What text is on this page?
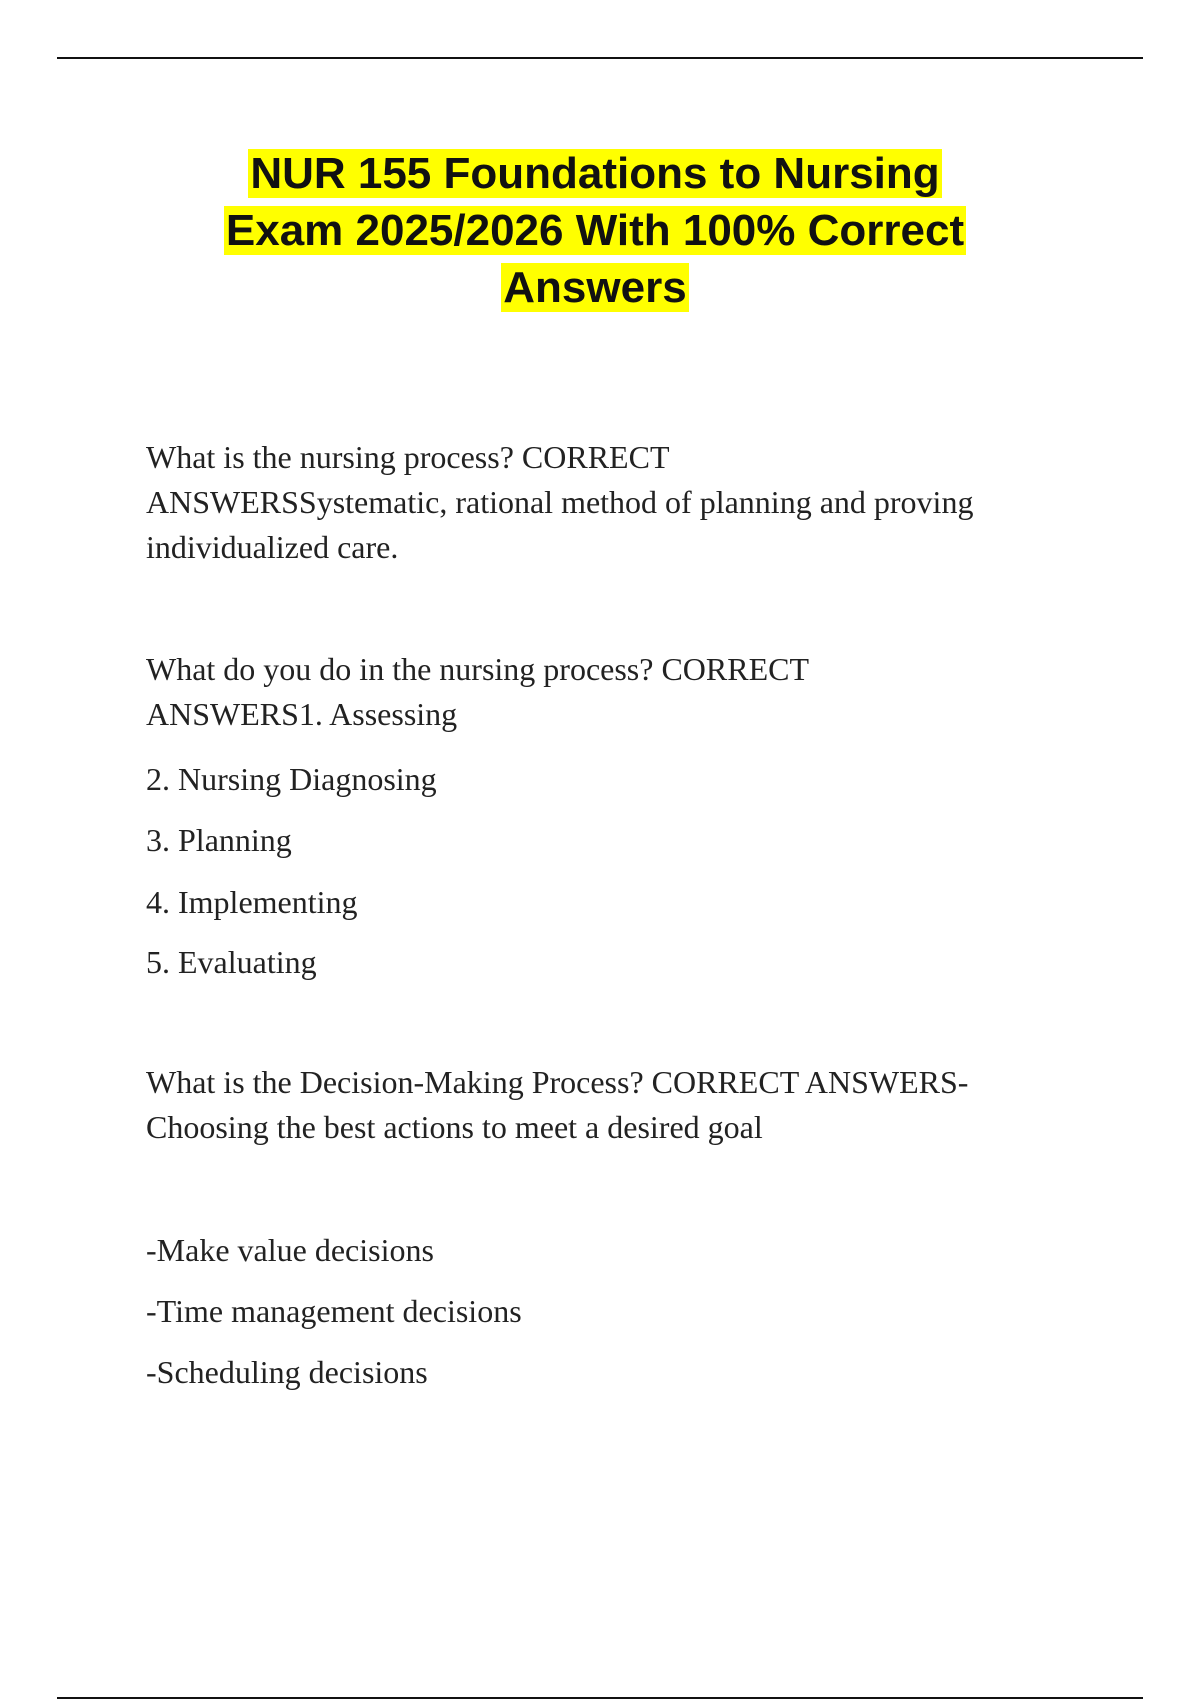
NUR 155 Foundations to Nursing
Exam 2025/2026 With 100% Correct
Answers
What is the nursing process? CORRECT
ANSWERSSystematic, rational method of planning and proving
individualized care.
What do you do in the nursing process? CORRECT
ANSWERS1. Assessing
2. Nursing Diagnosing
3. Planning
4. Implementing
5. Evaluating
What is the Decision-Making Process? CORRECT ANSWERS-
Choosing the best actions to meet a desired goal
-Make value decisions
-Time management decisions
-Scheduling decisions
